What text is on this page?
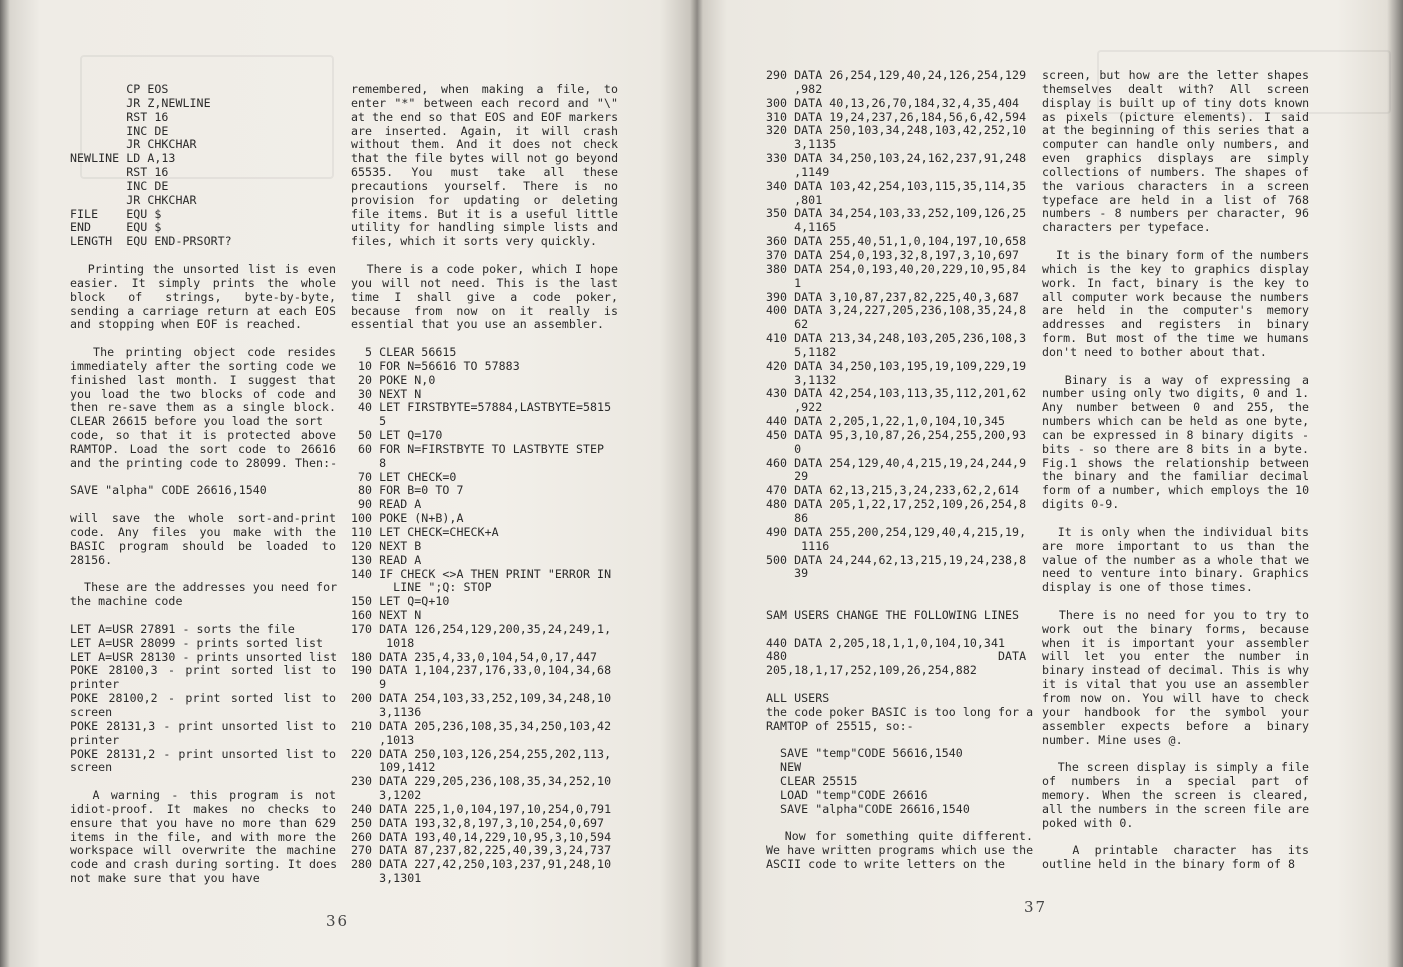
CP EOS
JR Z,NEWLINE
RST 16
INC DE
JR CHKCHAR
NEWLINE LD A,13
RST 16
INC DE
JR CHKCHAR
FILE    EQU $
END     EQU $
LENGTH  EQU END-PRSORT?
Printing the unsorted list is even
easier. It simply prints the whole
block of strings, byte-by-byte,
sending a carriage return at each EOS
and stopping when EOF is reached.
The printing object code resides
immediately after the sorting code we
finished last month. I suggest that
you load the two blocks of code and
then re-save them as a single block.
CLEAR 26615 before you load the sort
code, so that it is protected above
RAMTOP. Load the sort code to 26616
and the printing code to 28099. Then:-
SAVE "alpha" CODE 26616,1540
will save the whole sort-and-print
code. Any files you make with the
BASIC program should be loaded to
28156.
These are the addresses you need for
the machine code
LET A=USR 27891 - sorts the file
LET A=USR 28099 - prints sorted list
LET A=USR 28130 - prints unsorted list
POKE 28100,3 - print sorted list to
printer
POKE 28100,2 - print sorted list to
screen
POKE 28131,3 - print unsorted list to
printer
POKE 28131,2 - print unsorted list to
screen
A warning - this program is not
idiot-proof. It makes no checks to
ensure that you have no more than 629
items in the file, and with more the
workspace will overwrite the machine
code and crash during sorting. It does
not make sure that you have
remembered, when making a file, to
enter "*" between each record and "\"
at the end so that EOS and EOF markers
are inserted. Again, it will crash
without them. And it does not check
that the file bytes will not go beyond
65535. You must take all these
precautions yourself. There is no
provision for updating or deleting
file items. But it is a useful little
utility for handling simple lists and
files, which it sorts very quickly.
There is a code poker, which I hope
you will not need. This is the last
time I shall give a code poker,
because from now on it really is
essential that you use an assembler.
5 CLEAR 56615
10 FOR N=56616 TO 57883
20 POKE N,0
30 NEXT N
40 LET FIRSTBYTE=57884,LASTBYTE=5815
5
50 LET Q=170
60 FOR N=FIRSTBYTE TO LASTBYTE STEP
8
70 LET CHECK=0
80 FOR B=0 TO 7
90 READ A
100 POKE (N+B),A
110 LET CHECK=CHECK+A
120 NEXT B
130 READ A
140 IF CHECK <>A THEN PRINT "ERROR IN
LINE ";Q: STOP
150 LET Q=Q+10
160 NEXT N
170 DATA 126,254,129,200,35,24,249,1,
1018
180 DATA 235,4,33,0,104,54,0,17,447
190 DATA 1,104,237,176,33,0,104,34,68
9
200 DATA 254,103,33,252,109,34,248,10
3,1136
210 DATA 205,236,108,35,34,250,103,42
,1013
220 DATA 250,103,126,254,255,202,113,
109,1412
230 DATA 229,205,236,108,35,34,252,10
3,1202
240 DATA 225,1,0,104,197,10,254,0,791
250 DATA 193,32,8,197,3,10,254,0,697
260 DATA 193,40,14,229,10,95,3,10,594
270 DATA 87,237,82,225,40,39,3,24,737
280 DATA 227,42,250,103,237,91,248,10
3,1301
36
290 DATA 26,254,129,40,24,126,254,129
,982
300 DATA 40,13,26,70,184,32,4,35,404
310 DATA 19,24,237,26,184,56,6,42,594
320 DATA 250,103,34,248,103,42,252,10
3,1135
330 DATA 34,250,103,24,162,237,91,248
,1149
340 DATA 103,42,254,103,115,35,114,35
,801
350 DATA 34,254,103,33,252,109,126,25
4,1165
360 DATA 255,40,51,1,0,104,197,10,658
370 DATA 254,0,193,32,8,197,3,10,697
380 DATA 254,0,193,40,20,229,10,95,84
1
390 DATA 3,10,87,237,82,225,40,3,687
400 DATA 3,24,227,205,236,108,35,24,8
62
410 DATA 213,34,248,103,205,236,108,3
5,1182
420 DATA 34,250,103,195,19,109,229,19
3,1132
430 DATA 42,254,103,113,35,112,201,62
,922
440 DATA 2,205,1,22,1,0,104,10,345
450 DATA 95,3,10,87,26,254,255,200,93
0
460 DATA 254,129,40,4,215,19,24,244,9
29
470 DATA 62,13,215,3,24,233,62,2,614
480 DATA 205,1,22,17,252,109,26,254,8
86
490 DATA 255,200,254,129,40,4,215,19,
1116
500 DATA 24,244,62,13,215,19,24,238,8
39
SAM USERS CHANGE THE FOLLOWING LINES
440 DATA 2,205,18,1,1,0,104,10,341
480                              DATA
205,18,1,17,252,109,26,254,882
ALL USERS
the code poker BASIC is too long for a
RAMTOP of 25515, so:-
SAVE "temp"CODE 56616,1540
NEW
CLEAR 25515
LOAD "temp"CODE 26616
SAVE "alpha"CODE 26616,1540
Now for something quite different.
We have written programs which use the
ASCII code to write letters on the
screen, but how are the letter shapes
themselves dealt with? All screen
display is built up of tiny dots known
as pixels (picture elements). I said
at the beginning of this series that a
computer can handle only numbers, and
even graphics displays are simply
collections of numbers. The shapes of
the various characters in a screen
typeface are held in a list of 768
numbers - 8 numbers per character, 96
characters per typeface.
It is the binary form of the numbers
which is the key to graphics display
work. In fact, binary is the key to
all computer work because the numbers
are held in the computer's memory
addresses and registers in binary
form. But most of the time we humans
don't need to bother about that.
Binary is a way of expressing a
number using only two digits, 0 and 1.
Any number between 0 and 255, the
numbers which can be held as one byte,
can be expressed in 8 binary digits -
bits - so there are 8 bits in a byte.
Fig.1 shows the relationship between
the binary and the familiar decimal
form of a number, which employs the 10
digits 0-9.
It is only when the individual bits
are more important to us than the
value of the number as a whole that we
need to venture into binary. Graphics
display is one of those times.
There is no need for you to try to
work out the binary forms, because
when it is important your assembler
will let you enter the number in
binary instead of decimal. This is why
it is vital that you use an assembler
from now on. You will have to check
your handbook for the symbol your
assembler expects before a binary
number. Mine uses @.
The screen display is simply a file
of numbers in a special part of
memory. When the screen is cleared,
all the numbers in the screen file are
poked with 0.
A printable character has its
outline held in the binary form of 8
37
